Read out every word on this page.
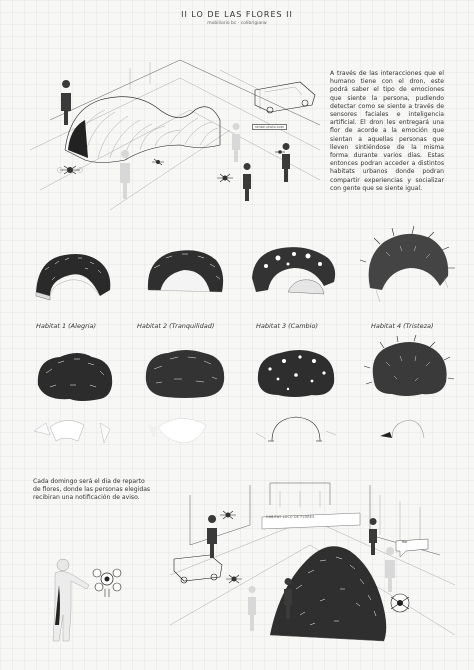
II LO DE LAS FLORES II
mobiliario bc · colibrigiarw
sensor-photo-scan
A través de las interacciones que el humano tiene con el dron, este podrá saber el tipo de emociones que siente la persona, pudiendo detectar como se siente a través de sensores faciales e inteligencia artificial. El dron les entregará una flor de acorde a la emoción que sientan a aquellas personas que lleven sintiéndose de la misma forma durante varios días. Estas entonces podran acceder a distintos habitats urbanos donde podran compartir experiencias y socializar con gente que se siente igual.
Habitat 1 (Alegria)	Habitat 2 (Tranquilidad)	Habitat 3 (Cambio)	Habitat 4 (Tristeza)
Cada domingo será el dia de reparto de flores, donde las personas elegidas recibiran una notificación de aviso.
HABITAT LOCO DE FLORES
flor
